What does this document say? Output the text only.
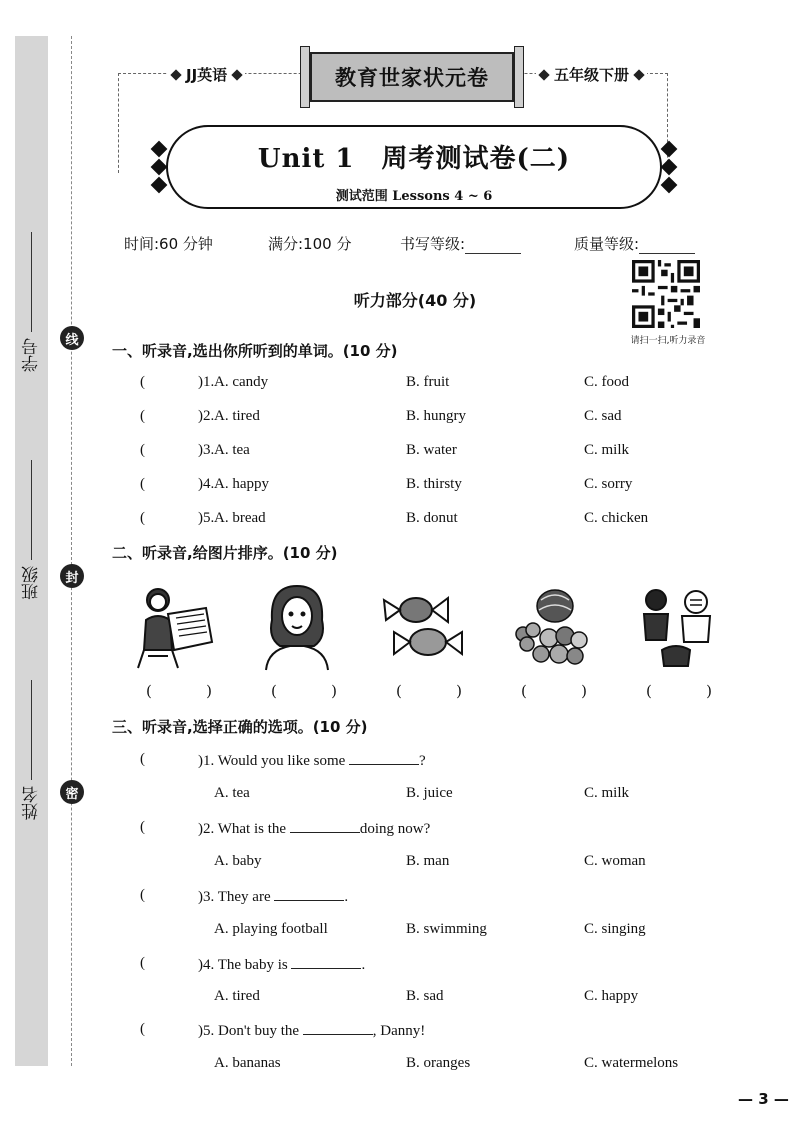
学号
班级
姓名
线
封
密
JJ英语	五年级下册
教育世家状元卷
Unit 1　周考测试卷(二)
测试范围 Lessons 4 ~ 6
时间:60 分钟	满分:100 分	书写等级:	质量等级:
请扫一扫,听力录音
听力部分(40 分)
一、听录音,选出你所听到的单词。(10 分)
(	)1. A. candy	B. fruit	C. food
(	)2. A. tired	B. hungry	C. sad
(	)3. A. tea	B. water	C. milk
(	)4. A. happy	B. thirsty	C. sorry
(	)5. A. bread	B. donut	C. chicken
二、听录音,给图片排序。(10 分)
(	)	(	)	(	)	(	)	(	)
三、听录音,选择正确的选项。(10 分)
(	)1. Would you like some	?
A. tea	B. juice	C. milk
(	)2. What is the	doing now?
A. baby	B. man	C. woman
(	)3. They are	.
A. playing football	B. swimming	C. singing
(	)4. The baby is	.
A. tired	B. sad	C. happy
(	)5. Don't buy the	, Danny!
A. bananas	B. oranges	C. watermelons
— 3 —
